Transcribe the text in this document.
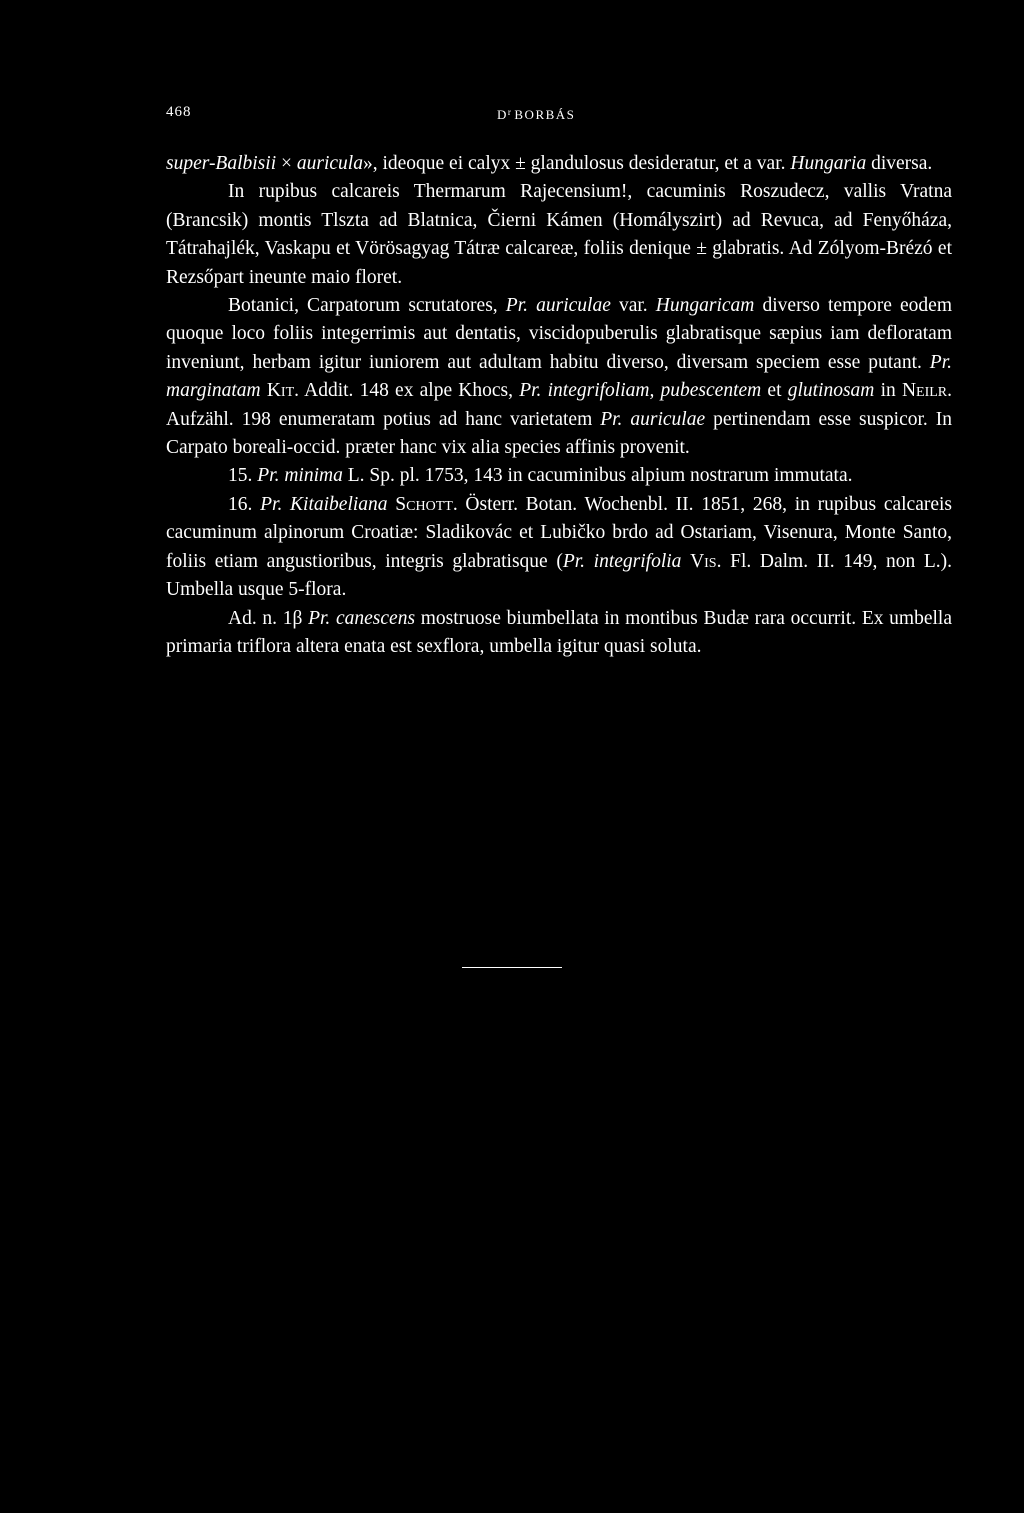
468	$D^r$ BORBÁS

super-Balbisii × auricula», ideoque ei calyx ± glandulosus desideratur, et a var. Hungaria diversa.

In rupibus calcareis Thermarum Rajecensium!, cacuminis Roszudecz, vallis Vratna (Brancsik) montis Tlszta ad Blatnica, Čierni Kámen (Homályszirt) ad Revuca, ad Fenyőháza, Tátrahajlék, Vaskapu et Vörösagyag Tátræ calcareæ, foliis denique ± glabratis. Ad Zólyom-Brézó et Rezsőpart ineunte maio floret.

Botanici, Carpatorum scrutatores, Pr. auriculae var. Hungaricam diverso tempore eodem quoque loco foliis integerrimis aut dentatis, viscidopuberulis glabratisque sæpius iam defloratam inveniunt, herbam igitur iuniorem aut adultam habitu diverso, diversam speciem esse putant. Pr. marginatam Kit. Addit. 148 ex alpe Khocs, Pr. integrifoliam, pubescentem et glutinosam in Neilr. Aufzähl. 198 enumeratam potius ad hanc varietatem Pr. auriculae pertinendam esse suspicor. In Carpato boreali-occid. præter hanc vix alia species affinis provenit.

15. Pr. minima L. Sp. pl. 1753, 143 in cacuminibus alpium nostrarum immutata.

16. Pr. Kitaibeliana Schott. Österr. Botan. Wochenbl. II. 1851, 268, in rupibus calcareis cacuminum alpinorum Croatiæ: Sladikovác et Lubičko brdo ad Ostariam, Visenura, Monte Santo, foliis etiam angustioribus, integris glabratisque (Pr. integrifolia Vis. Fl. Dalm. II. 149, non L.). Umbella usque 5-flora.

Ad. n. 1β Pr. canescens mostruose biumbellata in montibus Budæ rara occurrit. Ex umbella primaria triflora altera enata est sexflora, umbella igitur quasi soluta.
